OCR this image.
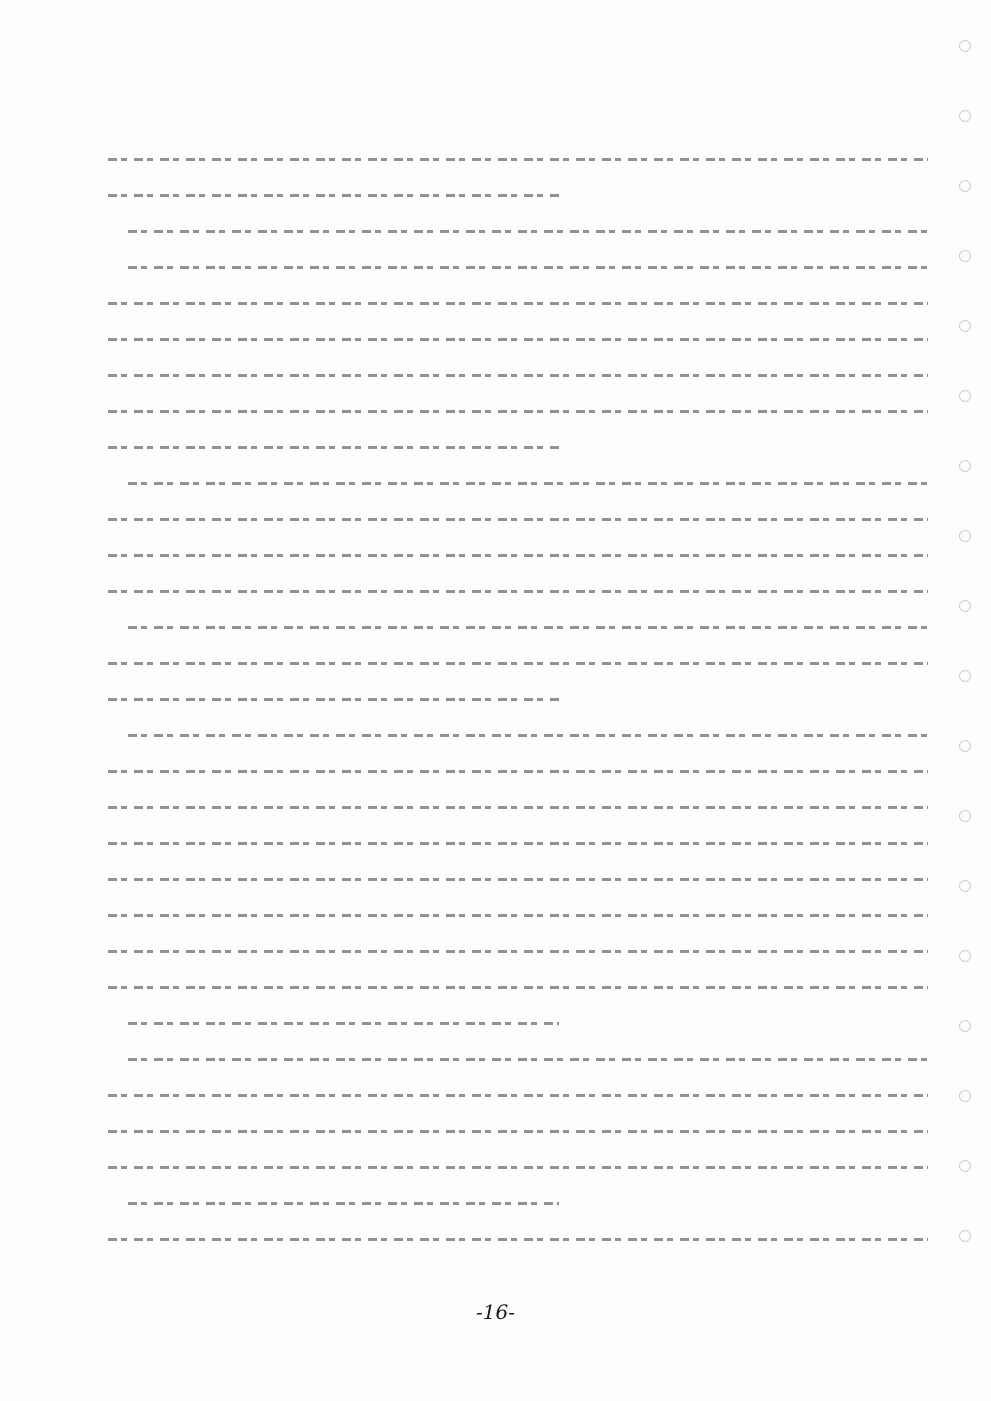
-16-
